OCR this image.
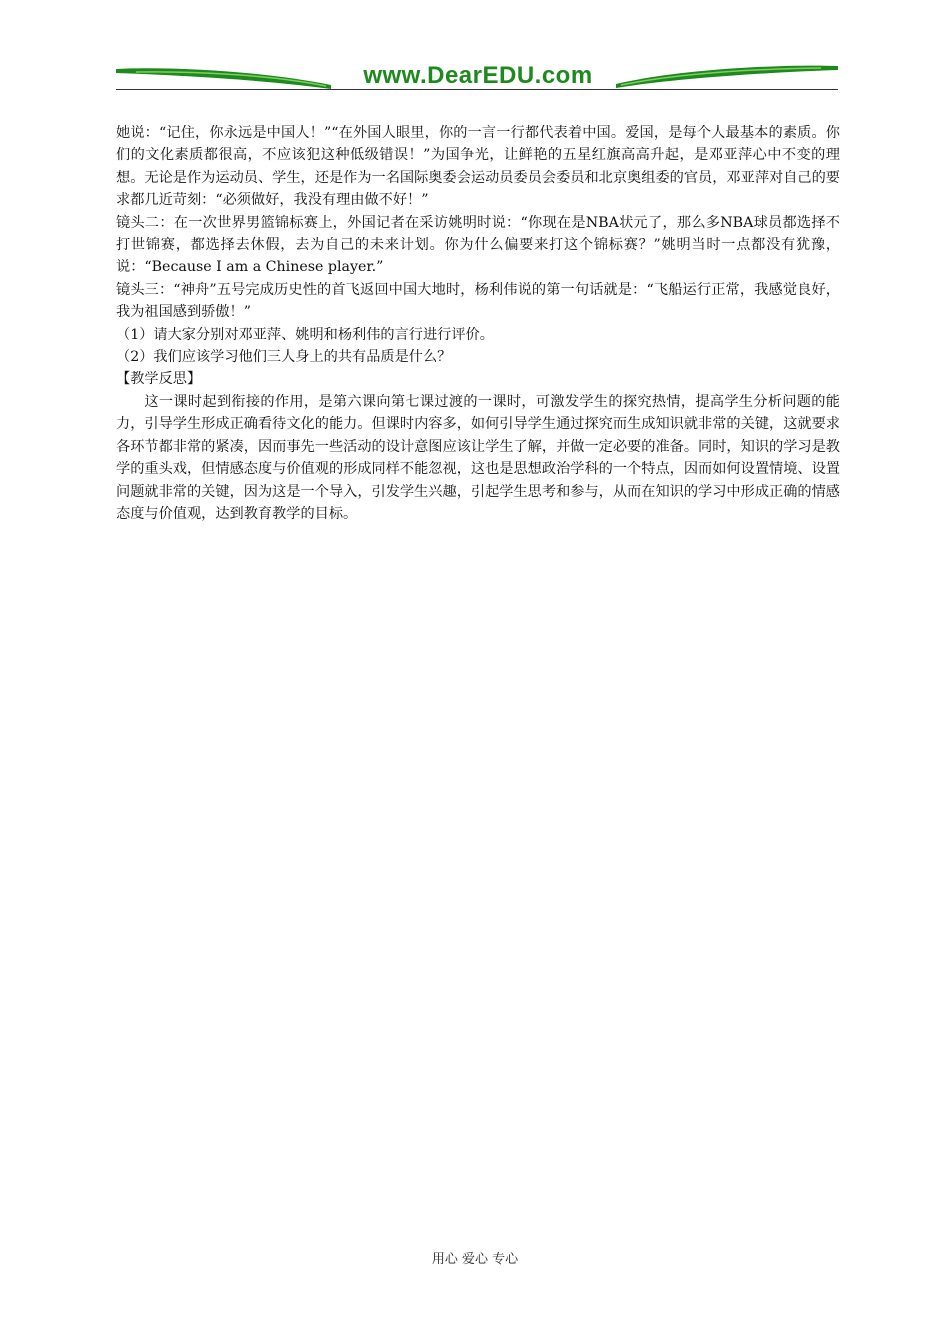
www.DearEDU.com

她说：“记住，你永远是中国人！”“在外国人眼里，你的一言一行都代表着中国。爱国，是每个人最基本的素质。你们的文化素质都很高，不应该犯这种低级错误！”为国争光，让鲜艳的五星红旗高高升起，是邓亚萍心中不变的理想。无论是作为运动员、学生，还是作为一名国际奥委会运动员委员会委员和北京奥组委的官员，邓亚萍对自己的要求都几近苛刻：“必须做好，我没有理由做不好！”

镜头二：在一次世界男篮锦标赛上，外国记者在采访姚明时说：“你现在是NBA状元了，那么多NBA球员都选择不打世锦赛，都选择去休假，去为自己的未来计划。你为什么偏要来打这个锦标赛？”姚明当时一点都没有犹豫，说：“Because I am a Chinese player.”

镜头三：“神舟”五号完成历史性的首飞返回中国大地时，杨利伟说的第一句话就是：“飞船运行正常，我感觉良好，我为祖国感到骄傲！”

（1）请大家分别对邓亚萍、姚明和杨利伟的言行进行评价。

（2）我们应该学习他们三人身上的共有品质是什么？

【教学反思】

这一课时起到衔接的作用，是第六课向第七课过渡的一课时，可激发学生的探究热情，提高学生分析问题的能力，引导学生形成正确看待文化的能力。但课时内容多，如何引导学生通过探究而生成知识就非常的关键，这就要求各环节都非常的紧凑，因而事先一些活动的设计意图应该让学生了解，并做一定必要的准备。同时，知识的学习是教学的重头戏，但情感态度与价值观的形成同样不能忽视，这也是思想政治学科的一个特点，因而如何设置情境、设置问题就非常的关键，因为这是一个导入，引发学生兴趣，引起学生思考和参与，从而在知识的学习中形成正确的情感态度与价值观，达到教育教学的目标。

用心 爱心 专心
